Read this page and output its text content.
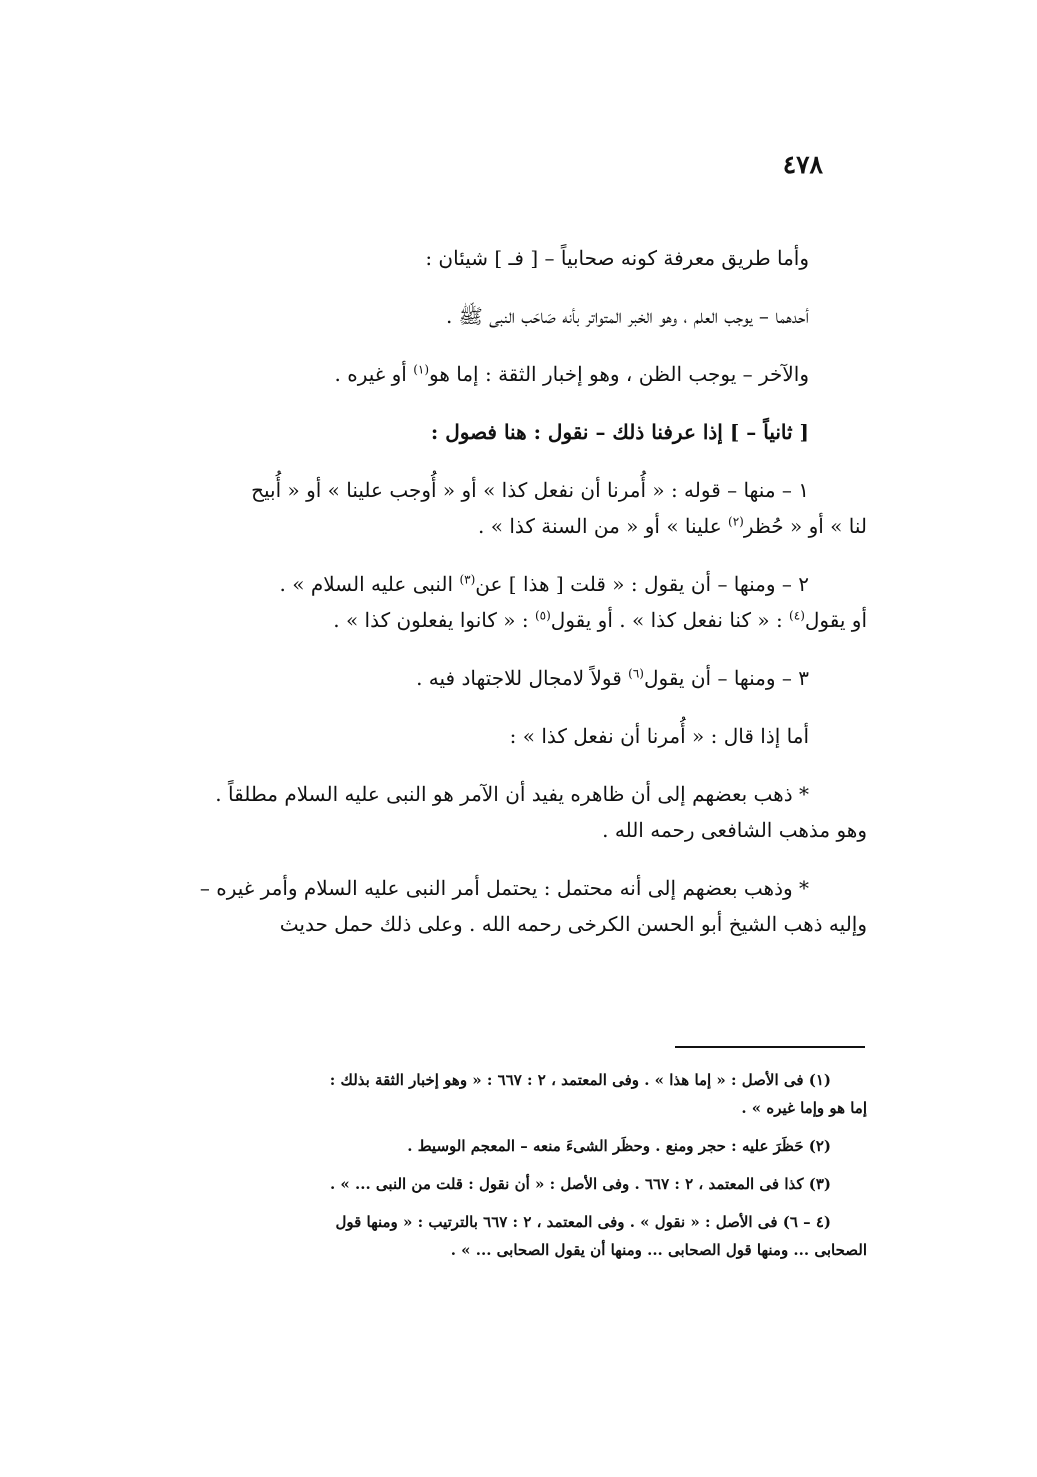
٤٧٨

وأما طريق معرفة كونه صحابياً – [ فـ ] شيئان :

أحدهما – يوجب العلم ، وهو الخبر المتواتر بأنه صَاحَب النبى ﷺ .

والآخر – يوجب الظن ، وهو إخبار الثقة : إما هو$^{(١)}$ أو غيره .

[ ثانياً – ] إذا عرفنا ذلك – نقول : هنا فصول :

١ – منها – قوله : « أُمرنا أن نفعل كذا » أو « أُوجب علينا » أو « أُبيح
لنا » أو « حُظر$^{(٢)}$ علينا » أو « من السنة كذا » .
٢ – ومنها – أن يقول : « قلت [ هذا ] عن$^{(٣)}$ النبى عليه السلام » .
أو يقول$^{(٤)}$ : « كنا نفعل كذا » . أو يقول$^{(٥)}$ : « كانوا يفعلون كذا » .

٣ – ومنها – أن يقول$^{(٦)}$ قولاً لامجال للاجتهاد فيه .

أما إذا قال : « أُمرنا أن نفعل كذا » :

* ذهب بعضهم إلى أن ظاهره يفيد أن الآمر هو النبى عليه السلام مطلقاً .
وهو مذهب الشافعى رحمه الله .
* وذهب بعضهم إلى أنه محتمل : يحتمل أمر النبى عليه السلام وأمر غيره –
وإليه ذهب الشيخ أبو الحسن الكرخى رحمه الله . وعلى ذلك حمل حديث
(١) فى الأصل : « إما هذا » . وفى المعتمد ، ٢ : ٦٦٧ : « وهو إخبار الثقة بذلك :
إما هو وإما غيره » .
(٢) حَظَرَ عليه : حجر ومنع . وحظَر الشىءَ منعه – المعجم الوسيط .
(٣) كذا فى المعتمد ، ٢ : ٦٦٧ . وفى الأصل : « أن نقول : قلت من النبى ... » .
(٤ – ٦) فى الأصل : « نقول » . وفى المعتمد ، ٢ : ٦٦٧ بالترتيب : « ومنها قول
الصحابى ... ومنها قول الصحابى ... ومنها أن يقول الصحابى ... » .
